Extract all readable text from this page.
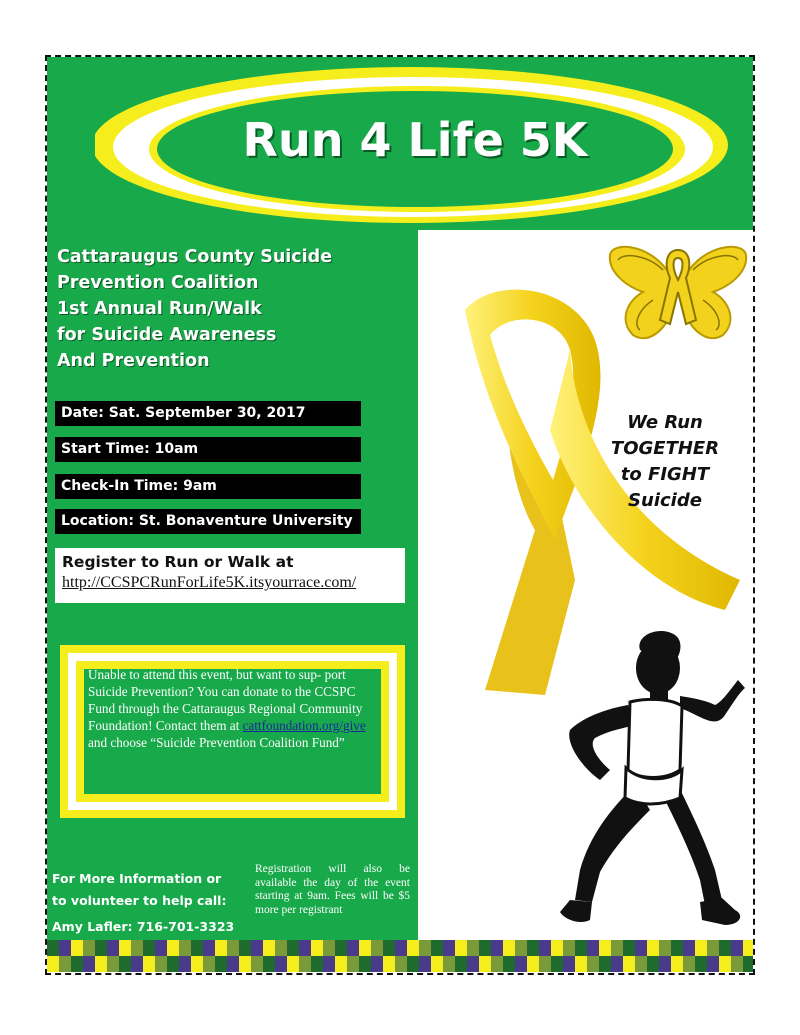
Run 4 Life 5K
Cattaraugus County Suicide
Prevention Coalition
1st Annual Run/Walk
for Suicide Awareness
And Prevention
Date: Sat. September 30, 2017
Start Time: 10am
Check-In Time: 9am
Location: St. Bonaventure University
Register to Run or Walk at
http://CCSPCRunForLife5K.itsyourrace.com/
Unable to attend this event, but want to sup- port Suicide Prevention? You can donate to the CCSPC Fund through the Cattaraugus Regional Community Foundation! Contact them at cattfoundation.org/give and choose “Suicide Prevention Coalition Fund”
For More Information or
to volunteer to help call:
Amy Lafler: 716-701-3323
Registration will also be available the day of the event starting at 9am. Fees will be $5 more per registrant
We Run
TOGETHER
to FIGHT
Suicide
